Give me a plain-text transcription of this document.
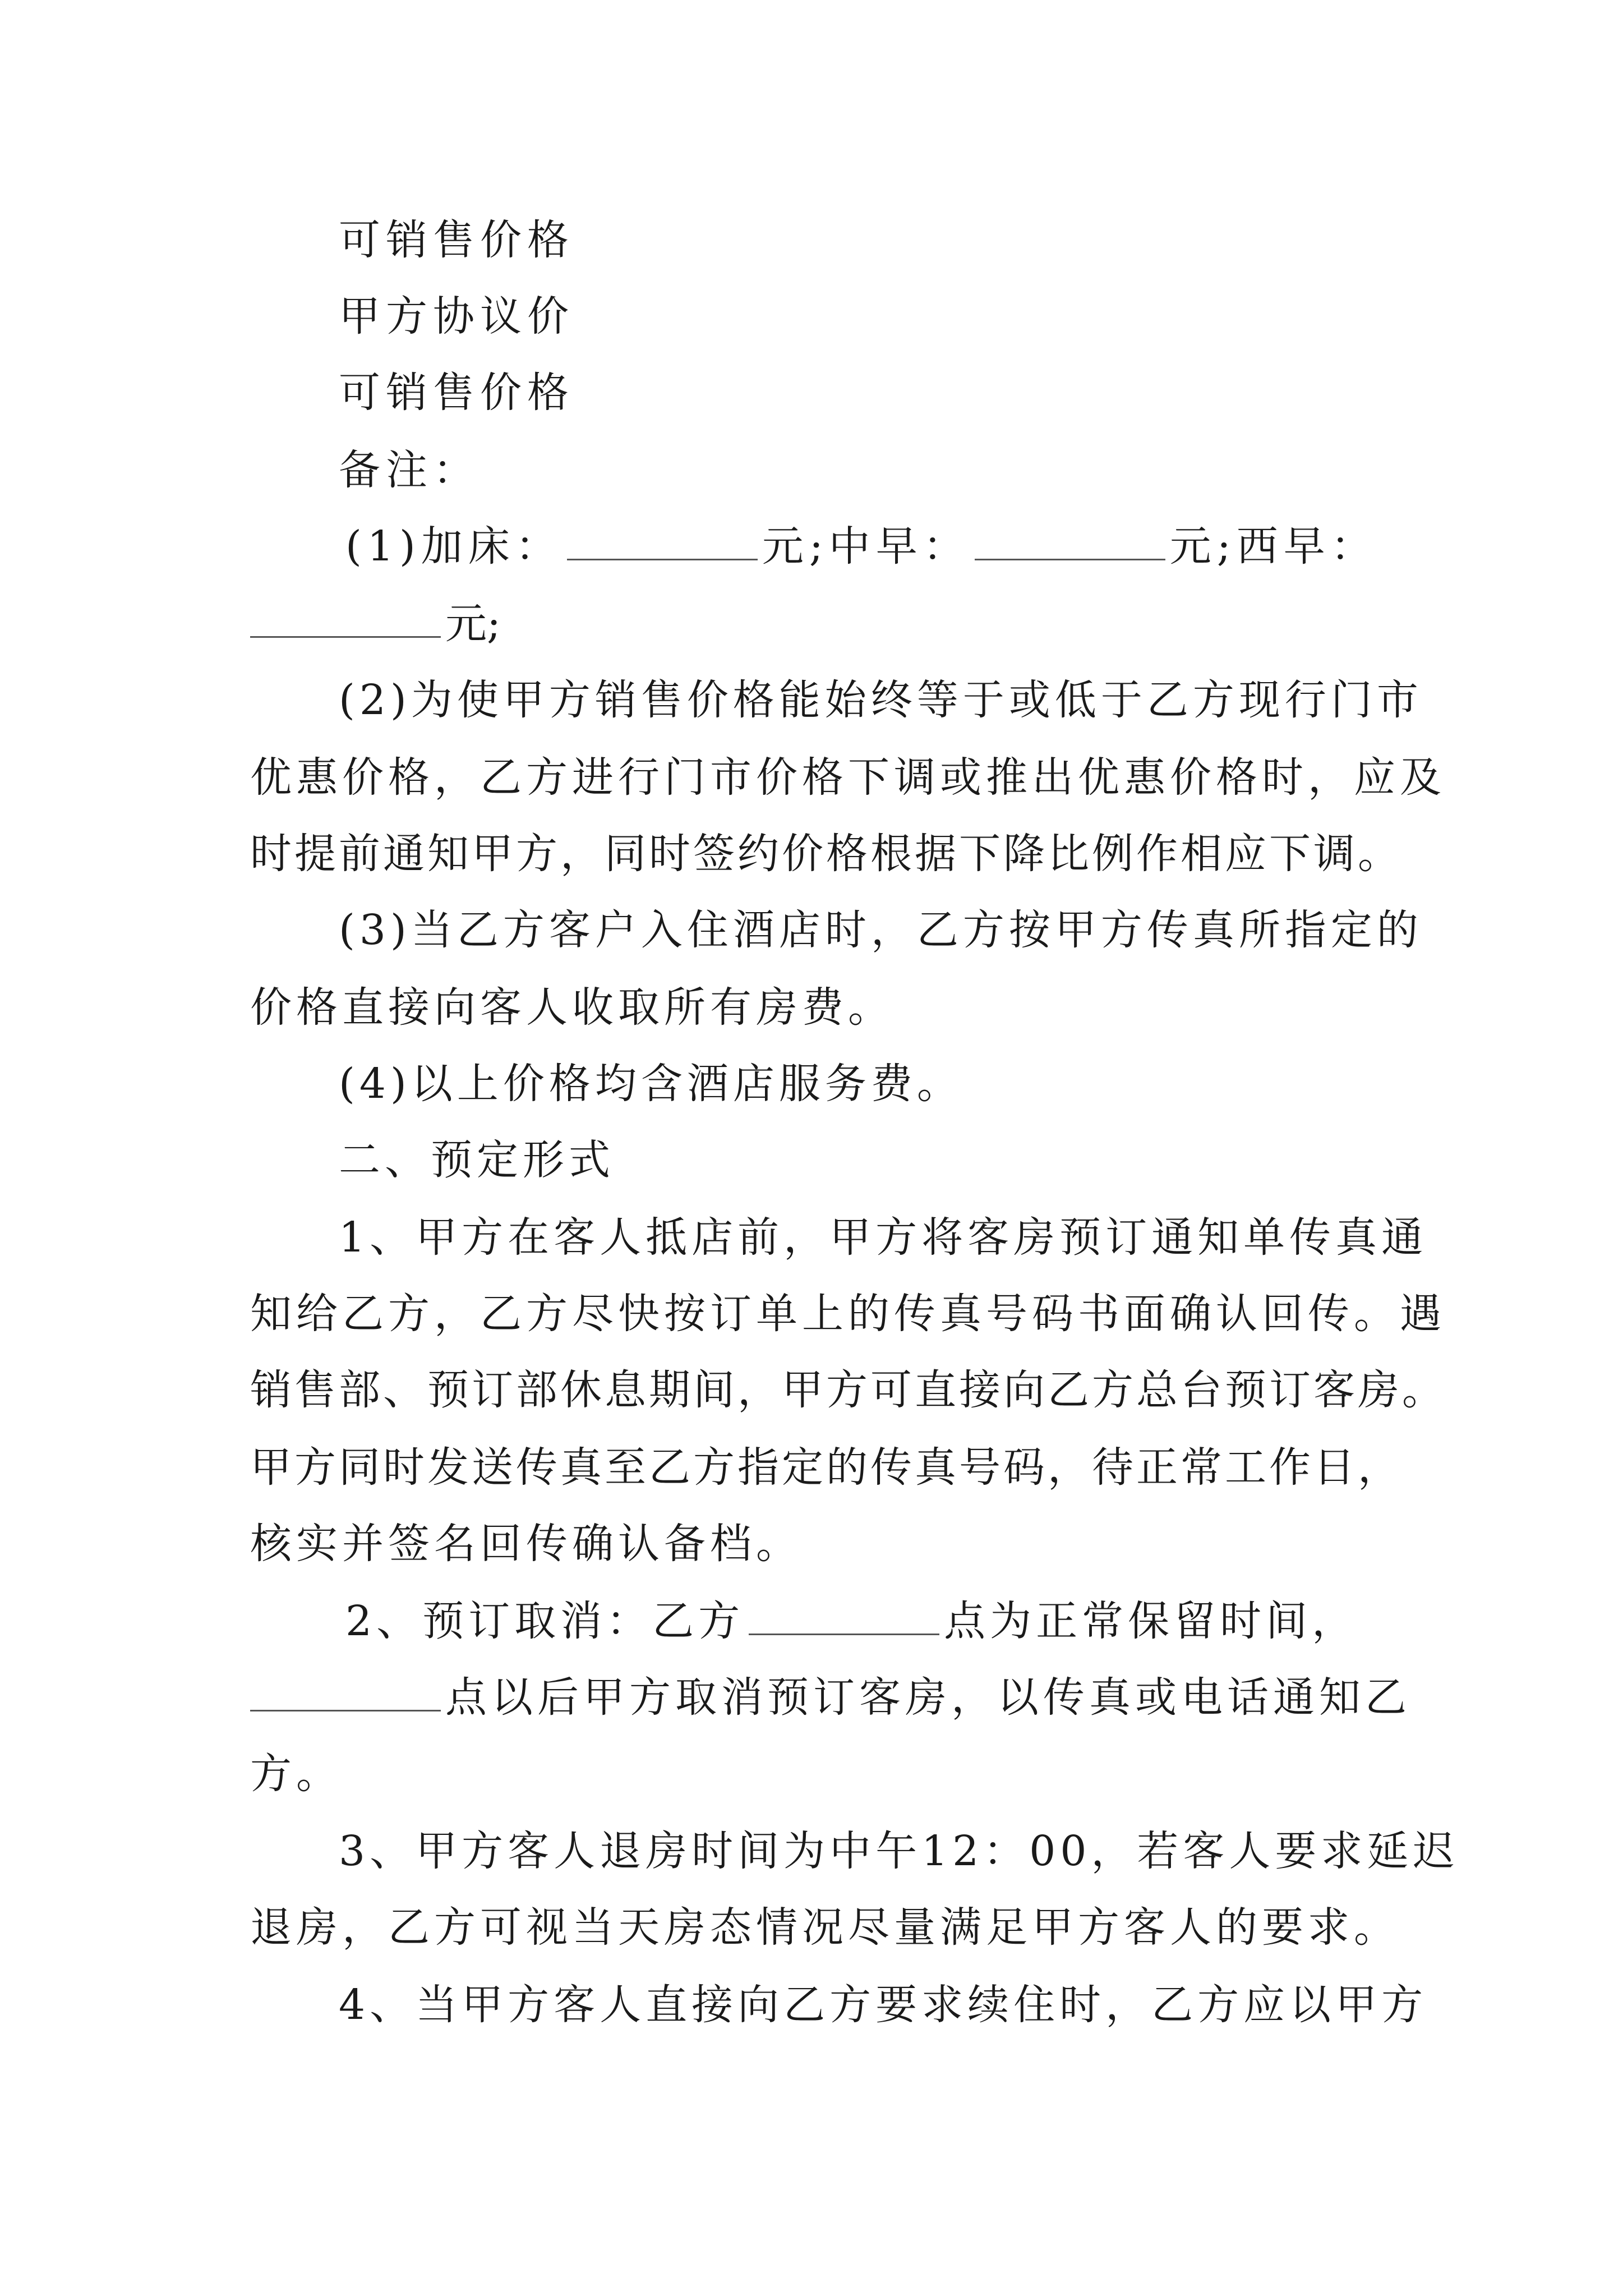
可销售价格

甲方协议价

可销售价格

备注：

(1)加床：	元;中早：	元;西早：

元;

(2)为使甲方销售价格能始终等于或低于乙方现行门市

优惠价格，乙方进行门市价格下调或推出优惠价格时，应及

时提前通知甲方，同时签约价格根据下降比例作相应下调。

(3)当乙方客户入住酒店时，乙方按甲方传真所指定的

价格直接向客人收取所有房费。

(4)以上价格均含酒店服务费。

二、预定形式

1、甲方在客人抵店前，甲方将客房预订通知单传真通

知给乙方，乙方尽快按订单上的传真号码书面确认回传。遇

销售部、预订部休息期间，甲方可直接向乙方总台预订客房。

甲方同时发送传真至乙方指定的传真号码，待正常工作日，

核实并签名回传确认备档。

2、预订取消：乙方	点为正常保留时间，

点以后甲方取消预订客房，以传真或电话通知乙

方。

3、甲方客人退房时间为中午12：00，若客人要求延迟

退房，乙方可视当天房态情况尽量满足甲方客人的要求。

4、当甲方客人直接向乙方要求续住时，乙方应以甲方
